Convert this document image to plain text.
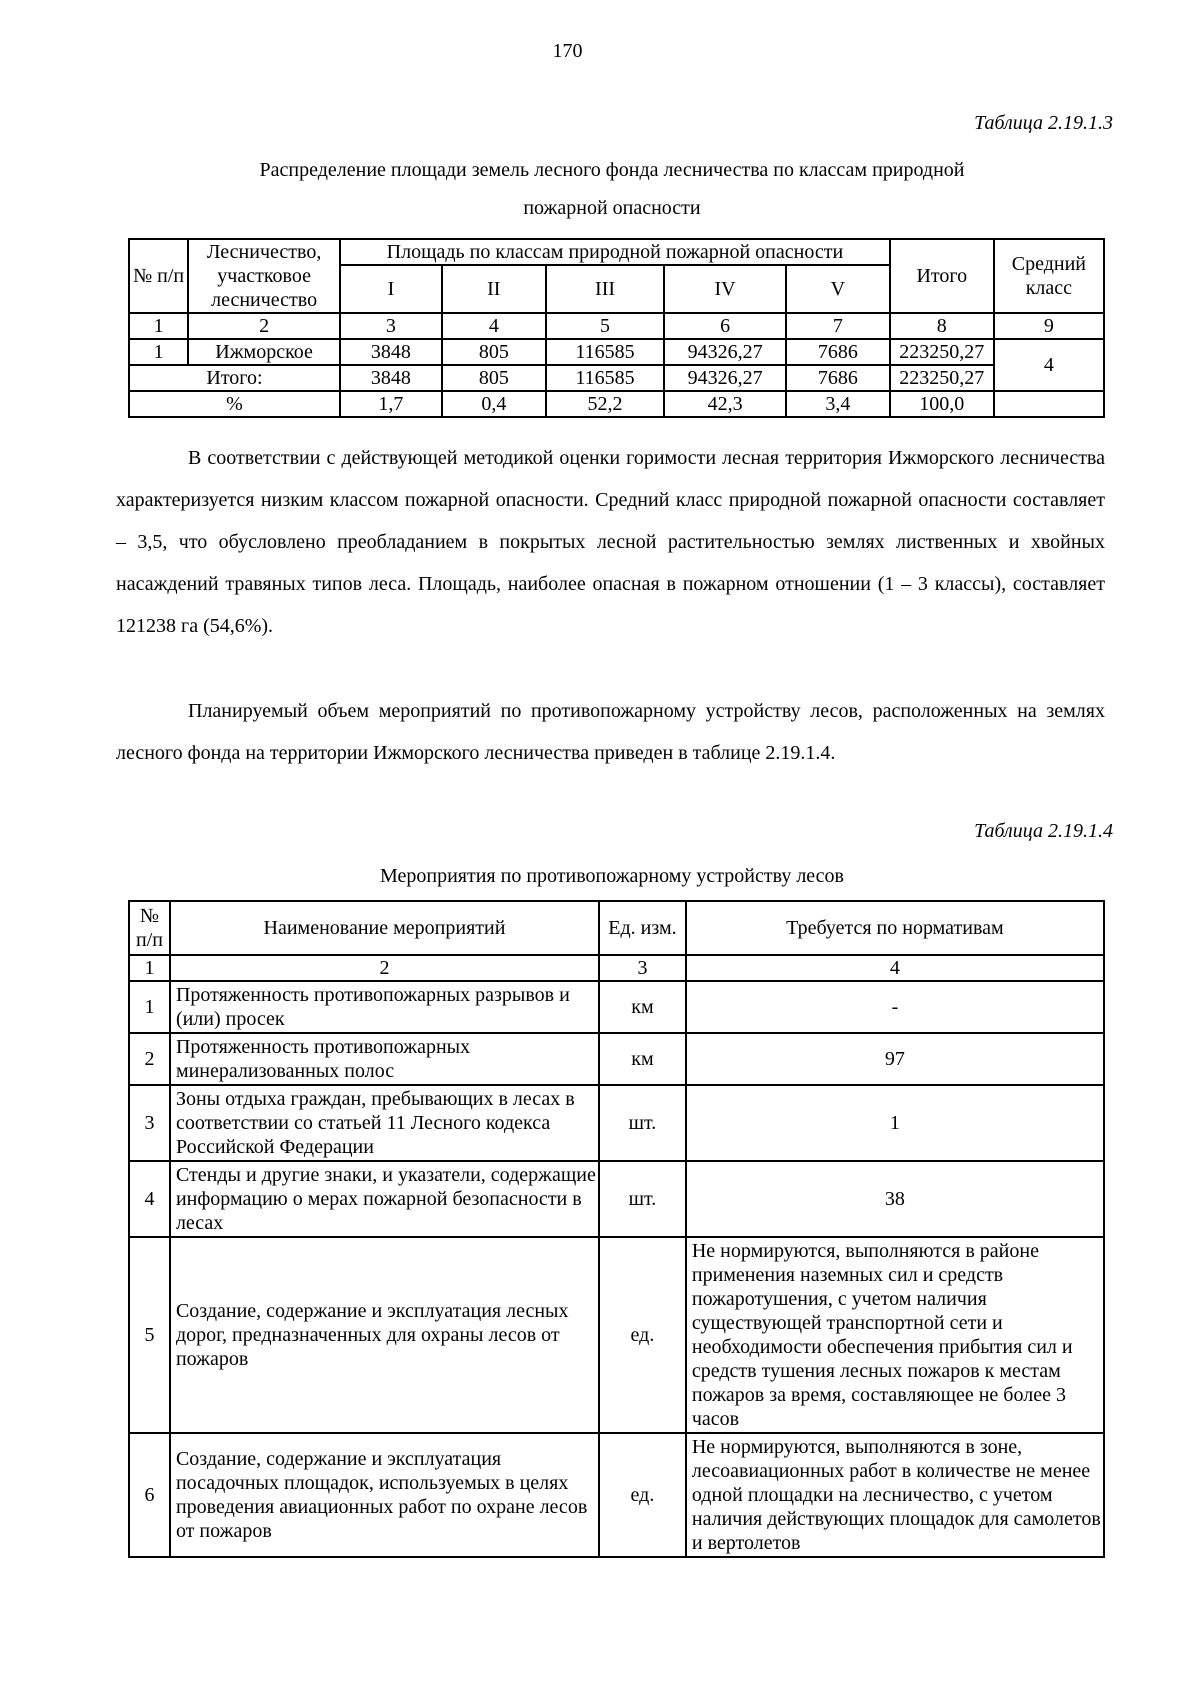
170
Таблица 2.19.1.3
Распределение площади земель лесного фонда лесничества по классам природной
пожарной опасности
№ п/п	Лесничество, участковое лесничество	Площадь по классам природной пожарной опасности					Итого	Средний класс
		I	II	III	IV	V		
1	2	3	4	5	6	7	8	9
1	Ижморское	3848	805	116585	94326,27	7686	223250,27	4
Итого:		3848	805	116585	94326,27	7686	223250,27	
%		1,7	0,4	52,2	42,3	3,4	100,0	

В соответствии с действующей методикой оценки горимости лесная территория Ижморского лесничества характеризуется низким классом пожарной опасности. Средний класс природной пожарной опасности составляет – 3,5, что обусловлено преобладанием в покрытых лесной растительностью землях лиственных и хвойных насаждений травяных типов леса. Площадь, наиболее опасная в пожарном отношении (1 – 3 классы), составляет 121238 га (54,6%).

Планируемый объем мероприятий по противопожарному устройству лесов, расположенных на землях лесного фонда на территории Ижморского лесничества приведен в таблице 2.19.1.4.

Таблица 2.19.1.4
Мероприятия по противопожарному устройству лесов
№ п/п	Наименование мероприятий	Ед. изм.	Требуется по нормативам
1	2	3	4
1	Протяженность противопожарных разрывов и (или) просек	км	-
2	Протяженность противопожарных минерализованных полос	км	97
3	Зоны отдыха граждан, пребывающих в лесах в соответствии со статьей 11 Лесного кодекса Российской Федерации	шт.	1
4	Стенды и другие знаки, и указатели, содержащие информацию о мерах пожарной безопасности в лесах	шт.	38
5	Создание, содержание и эксплуатация лесных дорог, предназначенных для охраны лесов от пожаров	ед.	Не нормируются, выполняются в районе применения наземных сил и средств пожаротушения, с учетом наличия существующей транспортной сети и необходимости обеспечения прибытия сил и средств тушения лесных пожаров к местам пожаров за время, составляющее не более 3 часов
6	Создание, содержание и эксплуатация посадочных площадок, используемых в целях проведения авиационных работ по охране лесов от пожаров	ед.	Не нормируются, выполняются в зоне, лесоавиационных работ в количестве не менее одной площадки на лесничество, с учетом наличия действующих площадок для самолетов и вертолетов
